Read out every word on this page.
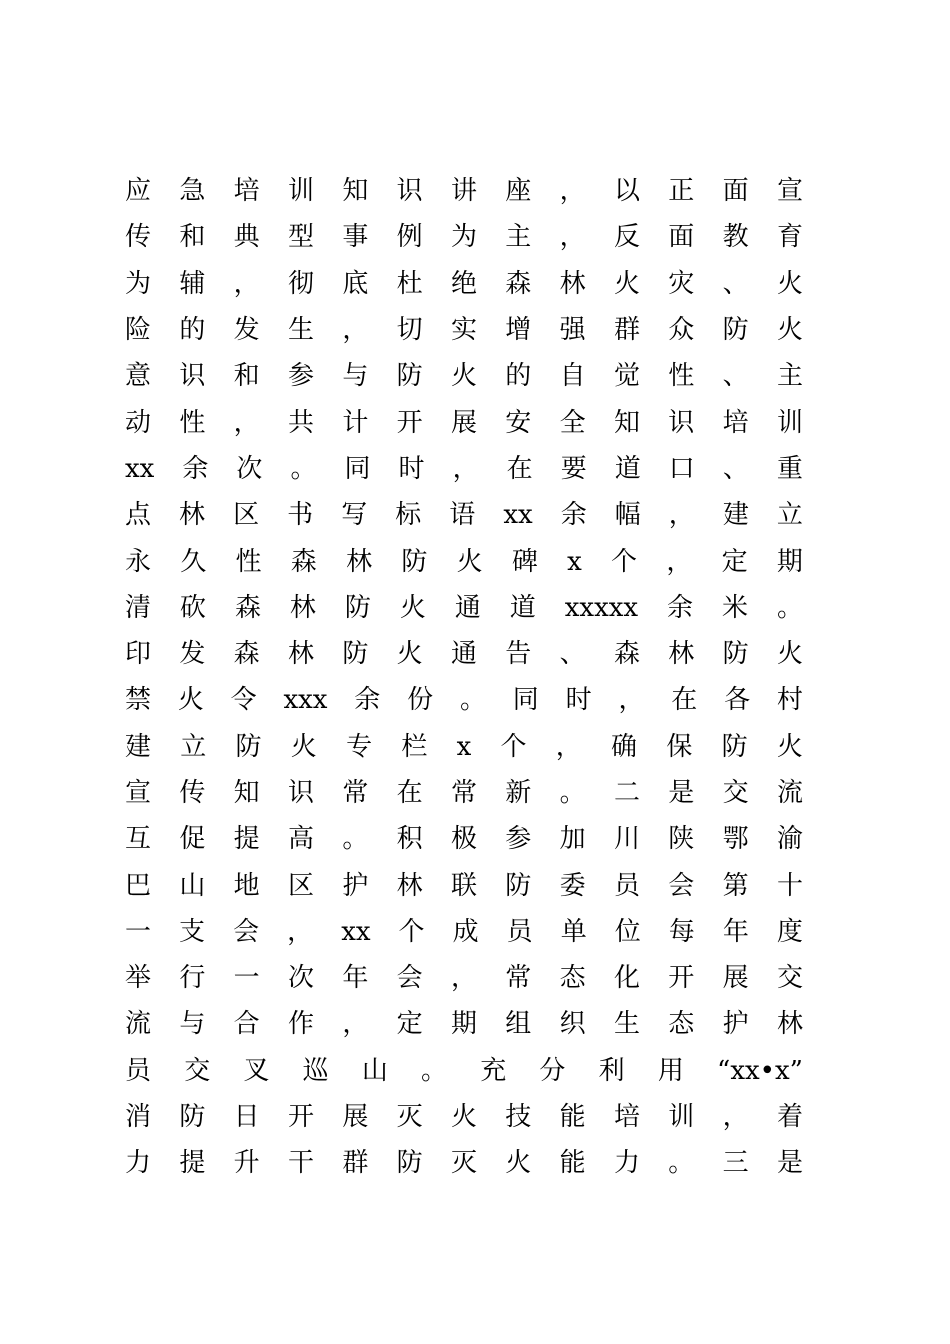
应 急 培 训 知 识 讲 座 ， 以 正 面 宣
传 和 典 型 事 例 为 主 ， 反 面 教 育
为 辅 ， 彻 底 杜 绝 森 林 火 灾 、 火
险 的 发 生 ， 切 实 增 强 群 众 防 火
意 识 和 参 与 防 火 的 自 觉 性 、 主
动 性 ， 共 计 开 展 安 全 知 识 培 训
xx 余 次 。 同 时 ， 在 要 道 口 、 重
点 林 区 书 写 标 语 xx 余 幅 ， 建 立
永 久 性 森 林 防 火 碑 x 个 ， 定 期
清 砍 森 林 防 火 通 道 xxxxx 余 米 。
印 发 森 林 防 火 通 告 、 森 林 防 火
禁 火 令 xxx 余 份 。 同 时 ， 在 各 村
建 立 防 火 专 栏 x 个 ， 确 保 防 火
宣 传 知 识 常 在 常 新 。 二 是 交 流
互 促 提 高 。 积 极 参 加 川 陕 鄂 渝
巴 山 地 区 护 林 联 防 委 员 会 第 十
一 支 会 ， xx 个 成 员 单 位 每 年 度
举 行 一 次 年 会 ， 常 态 化 开 展 交
流 与 合 作 ， 定 期 组 织 生 态 护 林
员 交 叉 巡 山 。 充 分 利 用 “xx•x”
消 防 日 开 展 灭 火 技 能 培 训 ， 着
力 提 升 干 群 防 灭 火 能 力 。 三 是
